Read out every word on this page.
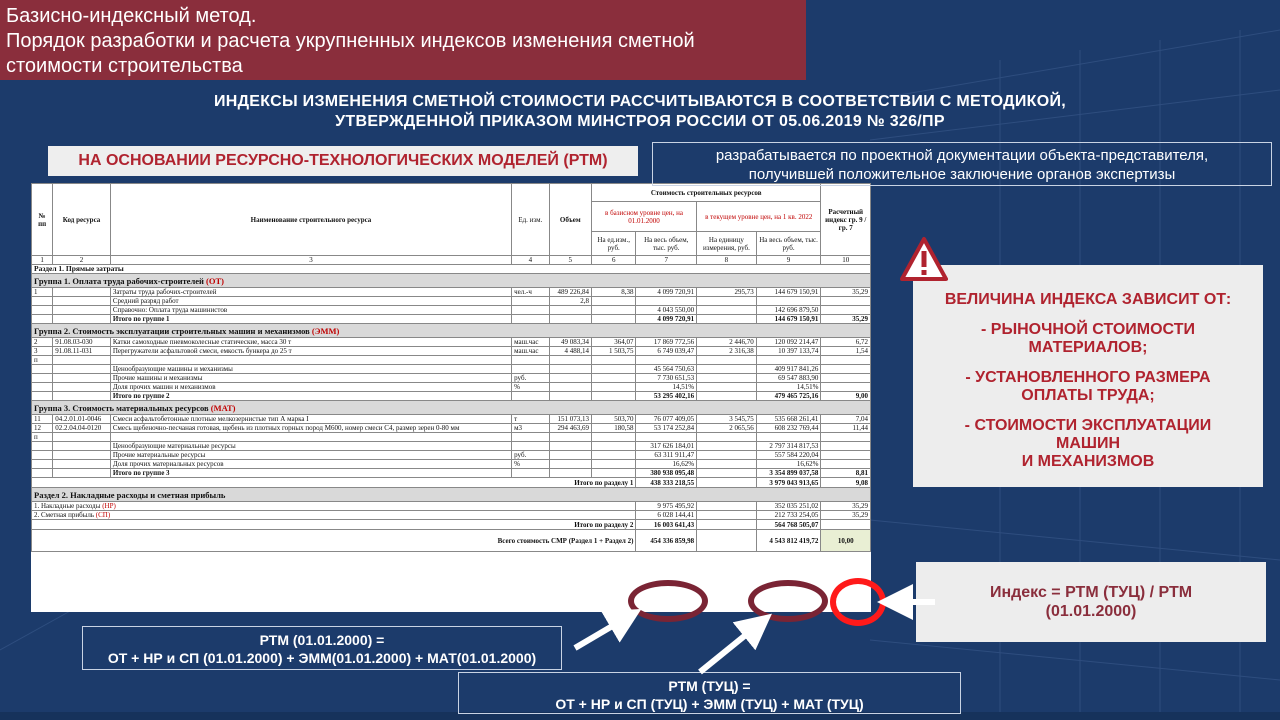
Базисно-индексный метод.
Порядок разработки и расчета укрупненных индексов изменения сметной
стоимости строительства
ИНДЕКСЫ ИЗМЕНЕНИЯ СМЕТНОЙ СТОИМОСТИ РАССЧИТЫВАЮТСЯ В СООТВЕТСТВИИ С МЕТОДИКОЙ,
УТВЕРЖДЕННОЙ ПРИКАЗОМ МИНСТРОЯ РОССИИ ОТ 05.06.2019 № 326/ПР
НА ОСНОВАНИИ РЕСУРСНО-ТЕХНОЛОГИЧЕСКИХ МОДЕЛЕЙ (РТМ)	разрабатывается по проектной документации объекта-представителя,
получившей положительное заключение органов экспертизы
№ пп	Код ресурса	Наименование строительного ресурса	Ед. изм.	Объем	Стоимость строительных ресурсов				Расчетный индекс гр. 9 / гр. 7
					в базисном уровне цен, на 01.01.2000		в текущем уровне цен, на 1 кв. 2022		
					На ед.изм., руб.	На весь объем, тыс. руб.	На единицу измерения, руб.	На весь объем, тыс. руб.	
1	2	3	4	5	6	7	8	9	10
Раздел 1. Прямые затраты									
Группа 1. Оплата труда рабочих-строителей (ОТ)									
1		Затраты труда рабочих-строителей	чел.-ч	489 226,84	8,38	4 099 720,91	295,73	144 679 150,91	35,29
		Средний разряд работ		2,8					
		Справочно: Оплата труда машинистов				4 043 550,00		142 696 879,50	
		Итого по группе 1				4 099 720,91		144 679 150,91	35,29
Группа 2. Стоимость эксплуатации строительных машин и механизмов (ЭММ)									
2	91.08.03-030	Катки самоходные пневмоколесные статические, масса 30 т	маш.час	49 083,34	364,07	17 869 772,56	2 446,70	120 092 214,47	6,72
3	91.08.11-031	Перегружатели асфальтовой смеси, емкость бункера до 25 т	маш.час	4 488,14	1 503,75	6 749 039,47	2 316,38	10 397 133,74	1,54
п									
		Ценообразующие машины и механизмы				45 564 750,63		409 917 841,26	
		Прочие машины и механизмы	руб.			7 730 651,53		69 547 883,90	
		Доля прочих машин и механизмов	%			14,51%		14,51%	
		Итого по группе 2				53 295 402,16		479 465 725,16	9,00
Группа 3. Стоимость материальных ресурсов (МАТ)									
11	04.2.01.01-0046	Смеси асфальтобетонные плотные мелкозернистые тип А марка I	т	151 073,13	503,70	76 077 409,05	3 545,75	535 668 261,41	7,04
12	02.2.04.04-0120	Смесь щебеночно-песчаная готовая, щебень из плотных горных пород М600, номер смеси С4, размер зерен 0-80 мм	м3	294 463,69	180,58	53 174 252,84	2 065,56	608 232 769,44	11,44
п									
		Ценообразующие материальные ресурсы				317 626 184,01		2 797 314 817,53	
		Прочие материальные ресурсы	руб.			63 311 911,47		557 584 220,04	
		Доля прочих материальных ресурсов	%			16,62%		16,62%	
		Итого по группе 3				380 938 095,48		3 354 899 037,58	8,81
Итого по разделу 1						438 333 218,55		3 979 043 913,65	9,08
Раздел 2. Накладные расходы и сметная прибыль									
1. Накладные расходы (НР)						9 975 495,92		352 035 251,02	35,29
2. Сметная прибыль (СП)						6 028 144,41		212 733 254,05	35,29
Итого по разделу 2						16 003 641,43		564 768 505,07	
Всего стоимость СМР (Раздел 1 + Раздел 2)						454 336 859,98		4 543 812 419,72	10,00
ВЕЛИЧИНА ИНДЕКСА ЗАВИСИТ ОТ:
- РЫНОЧНОЙ СТОИМОСТИ
МАТЕРИАЛОВ;
- УСТАНОВЛЕННОГО РАЗМЕРА
ОПЛАТЫ ТРУДА;
- СТОИМОСТИ ЭКСПЛУАТАЦИИ
МАШИН
И МЕХАНИЗМОВ
Индекс = РТМ (ТУЦ) / РТМ
(01.01.2000)
РТМ (01.01.2000) =
ОТ + НР и СП (01.01.2000) + ЭММ(01.01.2000) + МАТ(01.01.2000)
РТМ (ТУЦ) =
ОТ + НР и СП (ТУЦ) + ЭММ (ТУЦ) + МАТ (ТУЦ)
